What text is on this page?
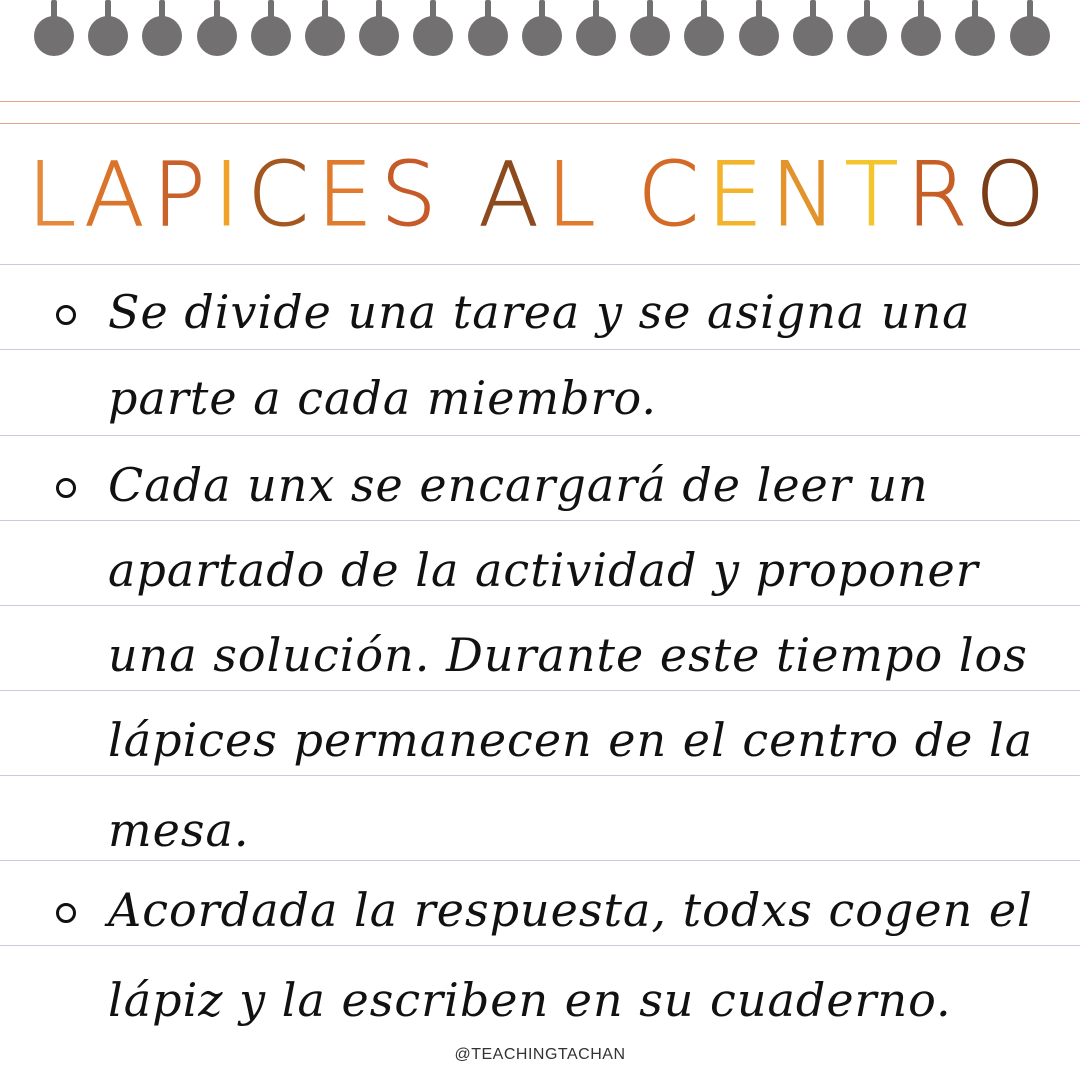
LAPICES AL CENTRO
Se divide una tarea y se asigna una
parte a cada miembro.
Cada unx se encargará de leer un
apartado de la actividad y proponer
una solución. Durante este tiempo los
lápices permanecen en el centro de la
mesa.
Acordada la respuesta, todxs cogen el
lápiz y la escriben en su cuaderno.
@TEACHINGTACHAN
